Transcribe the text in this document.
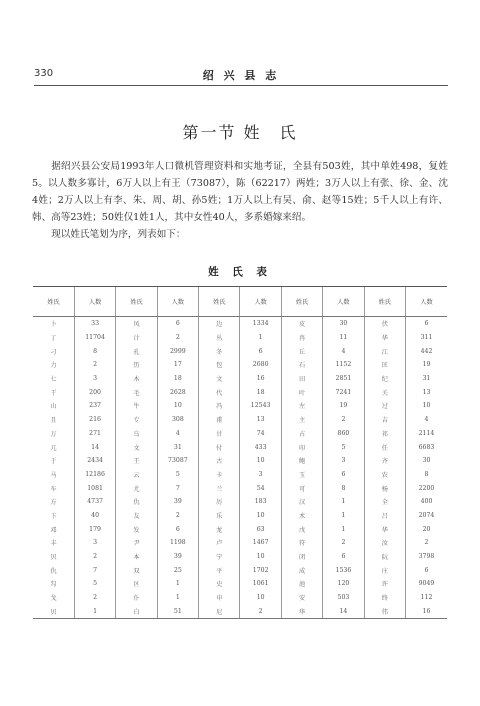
330	绍 兴 县 志
第一节 姓　氏

据绍兴县公安局1993年人口微机管理资料和实地考证，全县有503姓，其中单姓498，复姓5。以人数多寡计，6万人以上有王（73087），陈（62217）两姓；3万人以上有张、徐、金、沈4姓；2万人以上有李、朱、周、胡、孙5姓；1万人以上有吴、俞、赵等15姓；5千人以上有许、韩、高等23姓；50姓仅1姓1人，其中女性40人，多系婚嫁来绍。

现以姓氏笔划为序，列表如下：

姓 氏 表
姓氏	人数	姓氏	人数	姓氏	人数	姓氏	人数	姓氏	人数
卜	33	凤	6	边	1334	皮	30	伏	6
丁	11704	计	2	丛	1	冉	11	华	311
刁	8	孔	2999	冬	6	丘	4	江	442
力	2	历	17	包	2680	石	1152	匡	19
七	3	木	18	文	16	田	2851	纪	31
干	200	毛	2628	代	18	叶	7241	关	13
山	237	牛	10	冯	12543	左	19	过	10
且	216	专	308	甫	13	主	2	吉	4
万	271	乌	4	甘	74	占	860	祁	2114
兀	14	文	31	付	433	印	5	任	6683
于	2434	王	73087	古	10	鲍	3	齐	30
马	12186	云	5	卡	3	玉	6	农	8
车	1081	尤	7	兰	54	可	8	杨	2200
方	4737	仇	39	厉	183	汉	1	全	400
卞	40	友	2	乐	10	术	1	吕	2074
邓	179	发	6	龙	63	戊	1	华	20
丰	3	尹	1198	卢	1467	符	2	汝	2
贝	2	本	39	宁	10	闭	6	阮	3798
仇	7	双	25	平	1702	成	1536	庄	6
勾	5	区	1	史	1061	池	120	许	9049
戈	2	仆	1	申	10	安	503	终	112
贝	1	白	51	尼	2	华	14	伟	16
